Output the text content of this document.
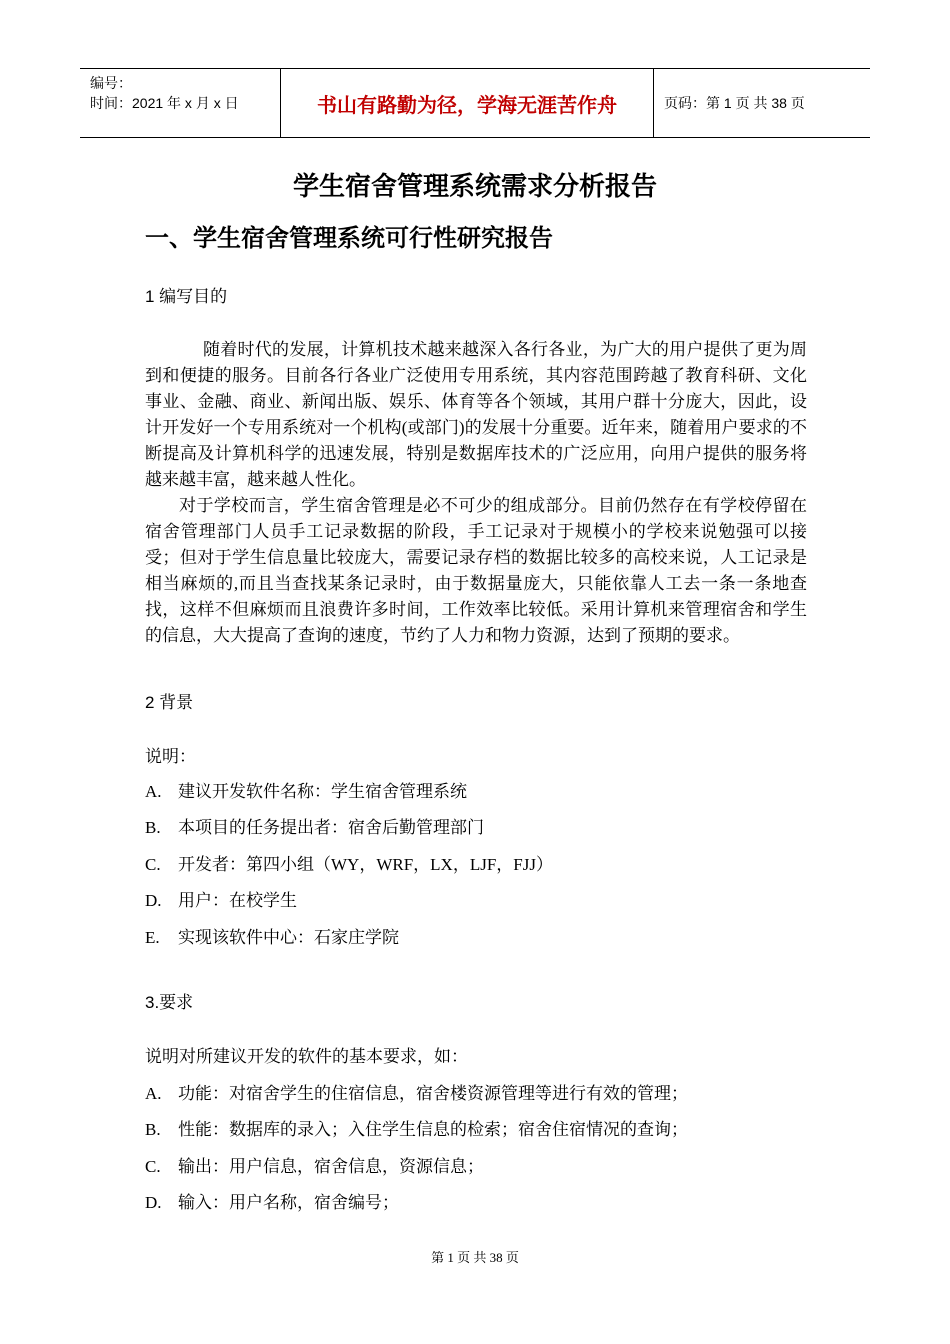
编号：
时间：2021 年 x 月 x 日	书山有路勤为径，学海无涯苦作舟	页码：第 1 页 共 38 页
学生宿舍管理系统需求分析报告
一、学生宿舍管理系统可行性研究报告
1 编写目的

随着时代的发展，计算机技术越来越深入各行各业，为广大的用户提供了更为周到和便捷的服务。目前各行各业广泛使用专用系统，其内容范围跨越了教育科研、文化事业、金融、商业、新闻出版、娱乐、体育等各个领域，其用户群十分庞大，因此，设计开发好一个专用系统对一个机构(或部门)的发展十分重要。近年来，随着用户要求的不断提高及计算机科学的迅速发展，特别是数据库技术的广泛应用，向用户提供的服务将越来越丰富，越来越人性化。

对于学校而言，学生宿舍管理是必不可少的组成部分。目前仍然存在有学校停留在宿舍管理部门人员手工记录数据的阶段，手工记录对于规模小的学校来说勉强可以接受；但对于学生信息量比较庞大，需要记录存档的数据比较多的高校来说，人工记录是相当麻烦的,而且当查找某条记录时，由于数据量庞大，只能依靠人工去一条一条地查找，这样不但麻烦而且浪费许多时间，工作效率比较低。采用计算机来管理宿舍和学生的信息，大大提高了查询的速度，节约了人力和物力资源，达到了预期的要求。

2 背景
说明：
A. 建议开发软件名称：学生宿舍管理系统
B. 本项目的任务提出者：宿舍后勤管理部门
C. 开发者：第四小组（WY，WRF，LX，LJF，FJJ）
D. 用户：在校学生
E. 实现该软件中心：石家庄学院
3.要求
说明对所建议开发的软件的基本要求，如：
A. 功能：对宿舍学生的住宿信息，宿舍楼资源管理等进行有效的管理；
B. 性能：数据库的录入；入住学生信息的检索；宿舍住宿情况的查询；
C. 输出：用户信息，宿舍信息，资源信息；
D. 输入：用户名称，宿舍编号；
第 1 页 共 38 页
